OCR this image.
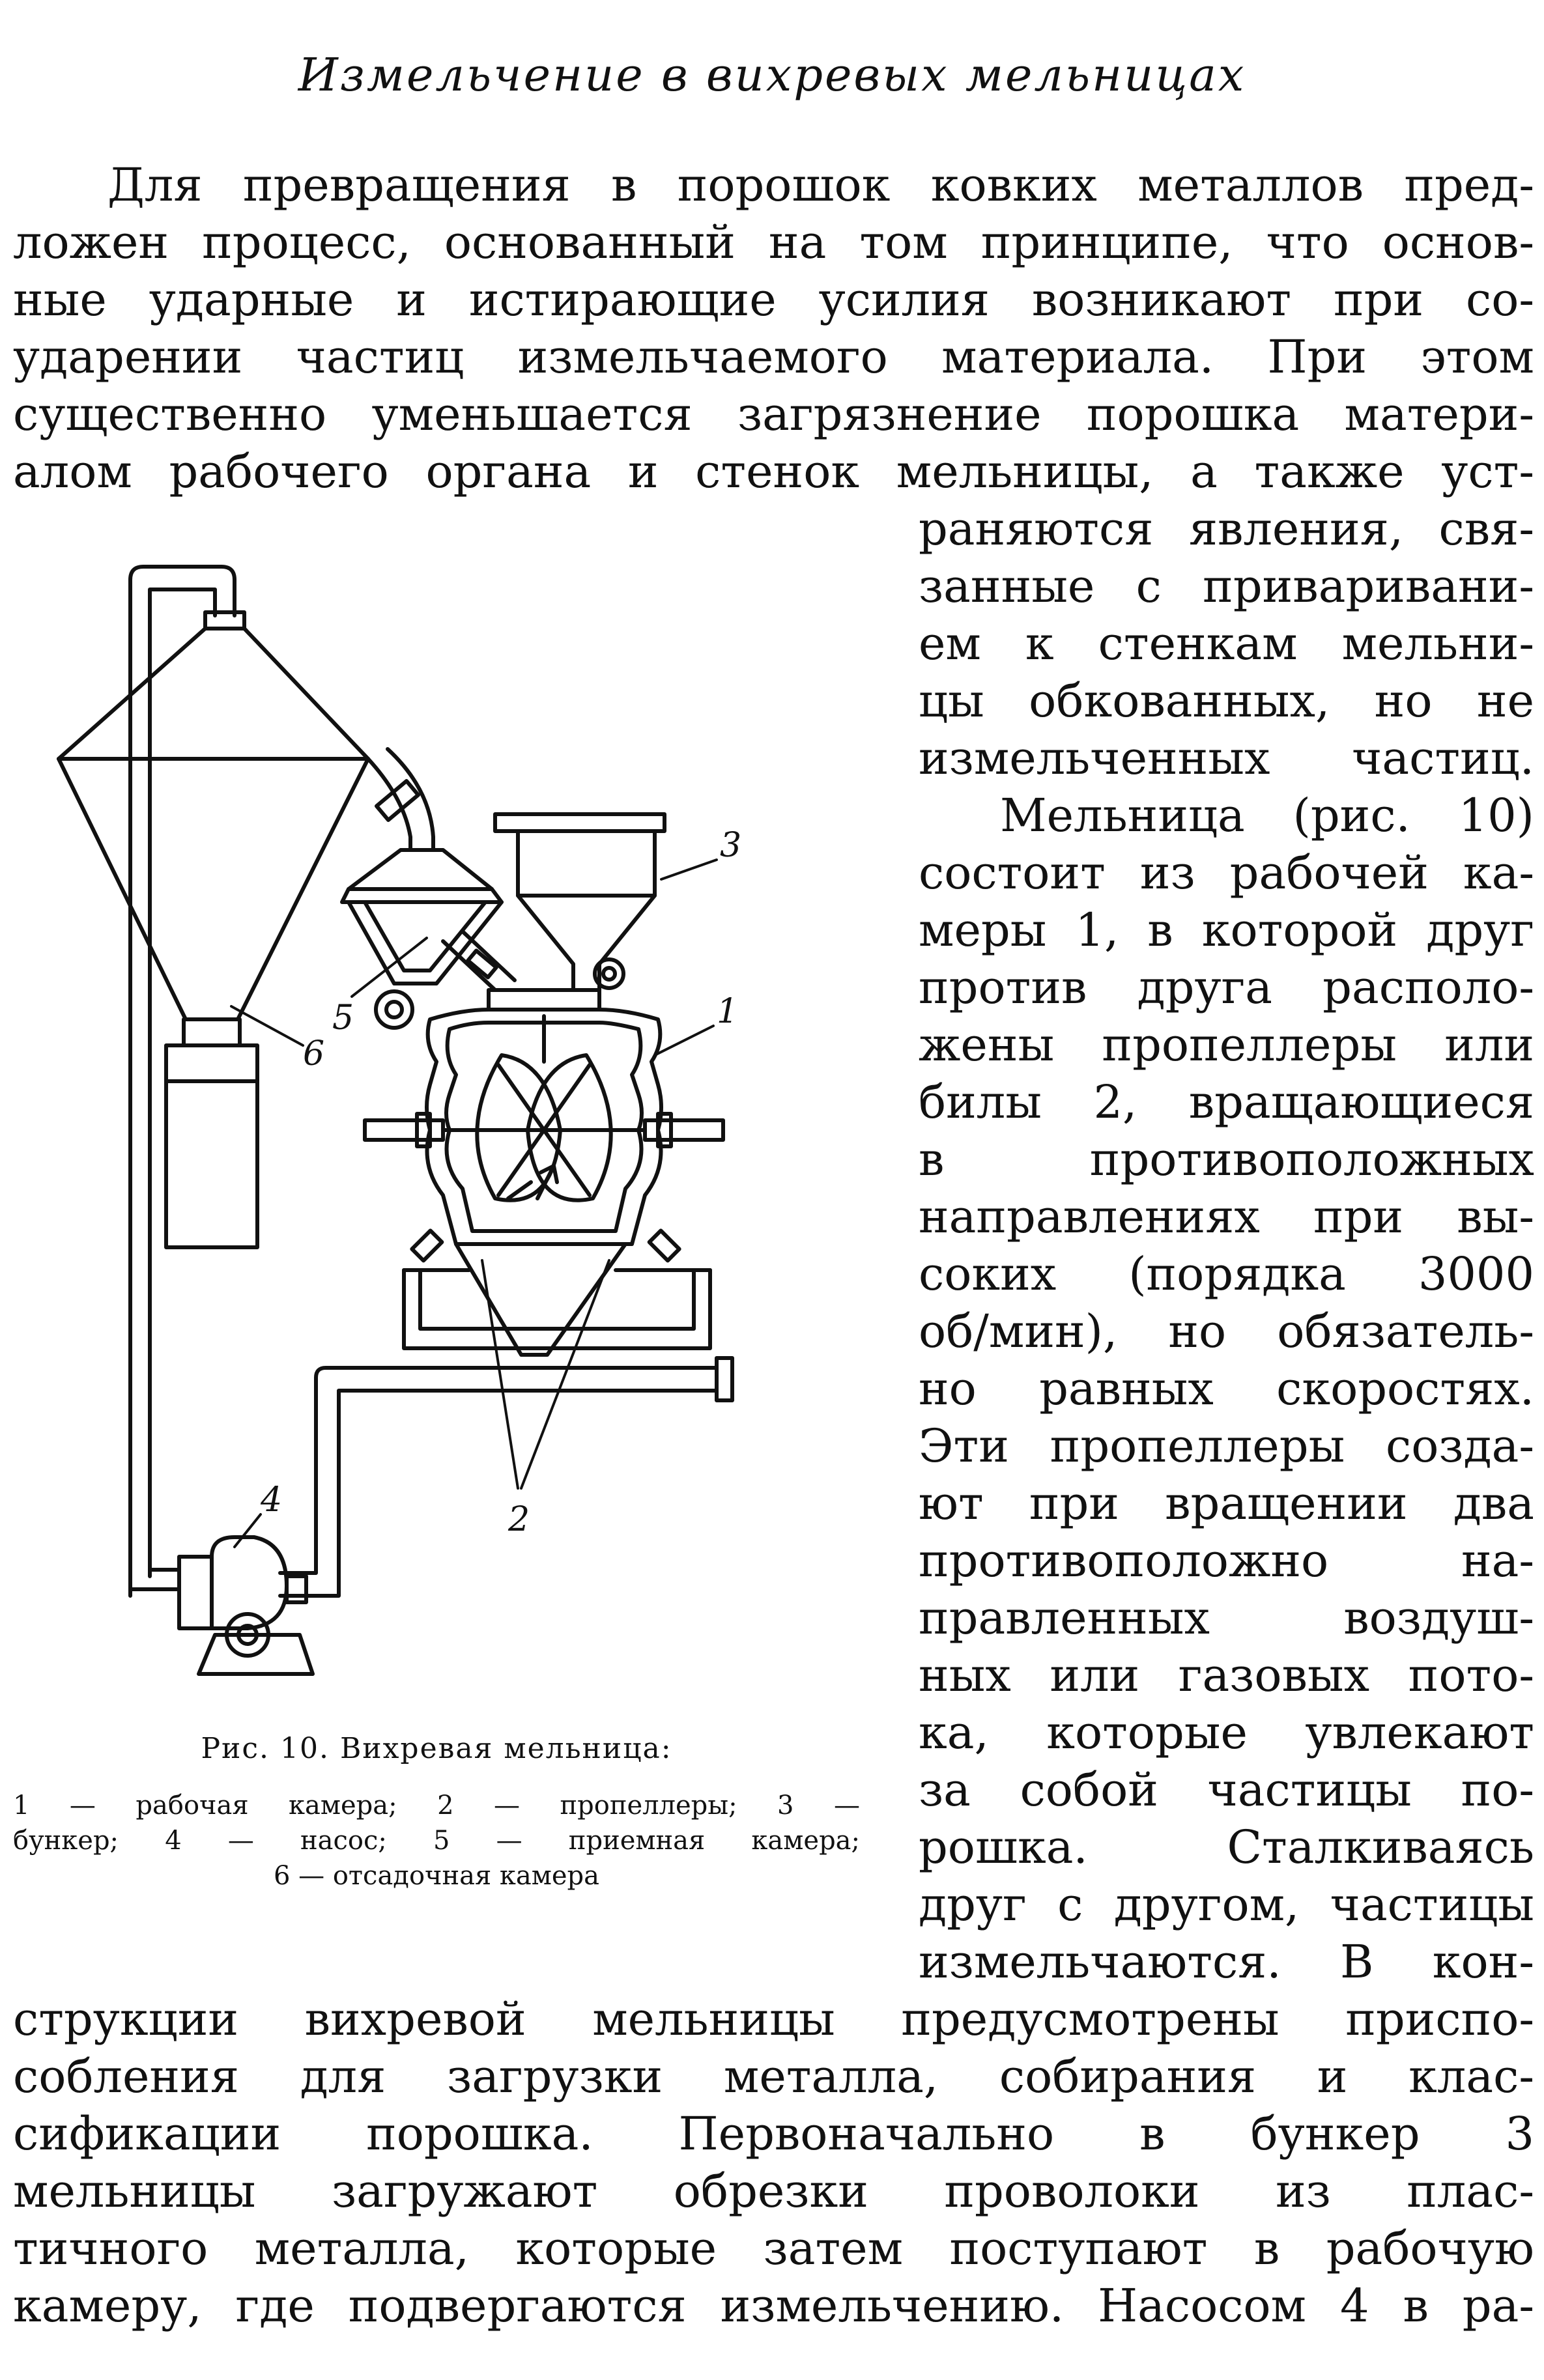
Измельчение в вихревых мельницах
Для превращения в порошок ковких металлов пред-
ложен процесс, основанный на том принципе, что основ-
ные ударные и истирающие усилия возникают при со-
ударении частиц измельчаемого материала. При этом
существенно уменьшается загрязнение порошка матери-
алом рабочего органа и стенок мельницы, а также уст-
раняются явления, свя-
занные с приваривани-
ем к стенкам мельни-
цы обкованных, но не
измельченных частиц.
Мельница (рис. 10)
состоит из рабочей ка-
меры 1, в которой друг
против друга располо-
жены пропеллеры или
билы 2, вращающиеся
в противоположных
направлениях при вы-
соких (порядка 3000
об/мин), но обязатель-
но равных скоростях.
Эти пропеллеры созда-
ют при вращении два
противоположно на-
правленных воздуш-
ных или газовых пото-
ка, которые увлекают
за собой частицы по-
рошка. Сталкиваясь
друг с другом, частицы
измельчаются. В кон-
струкции вихревой мельницы предусмотрены приспо-
собления для загрузки металла, собирания и клас-
сификации порошка. Первоначально в бункер 3
мельницы загружают обрезки проволоки из плас-
тичного металла, которые затем поступают в рабочую
камеру, где подвергаются измельчению. Насосом 4 в ра-
3
1
6
5
2
4
Рис. 10. Вихревая мельница:
1 — рабочая камера; 2 — пропеллеры; 3 —
бункер; 4 — насос; 5 — приемная камера;
6 — отсадочная камера
